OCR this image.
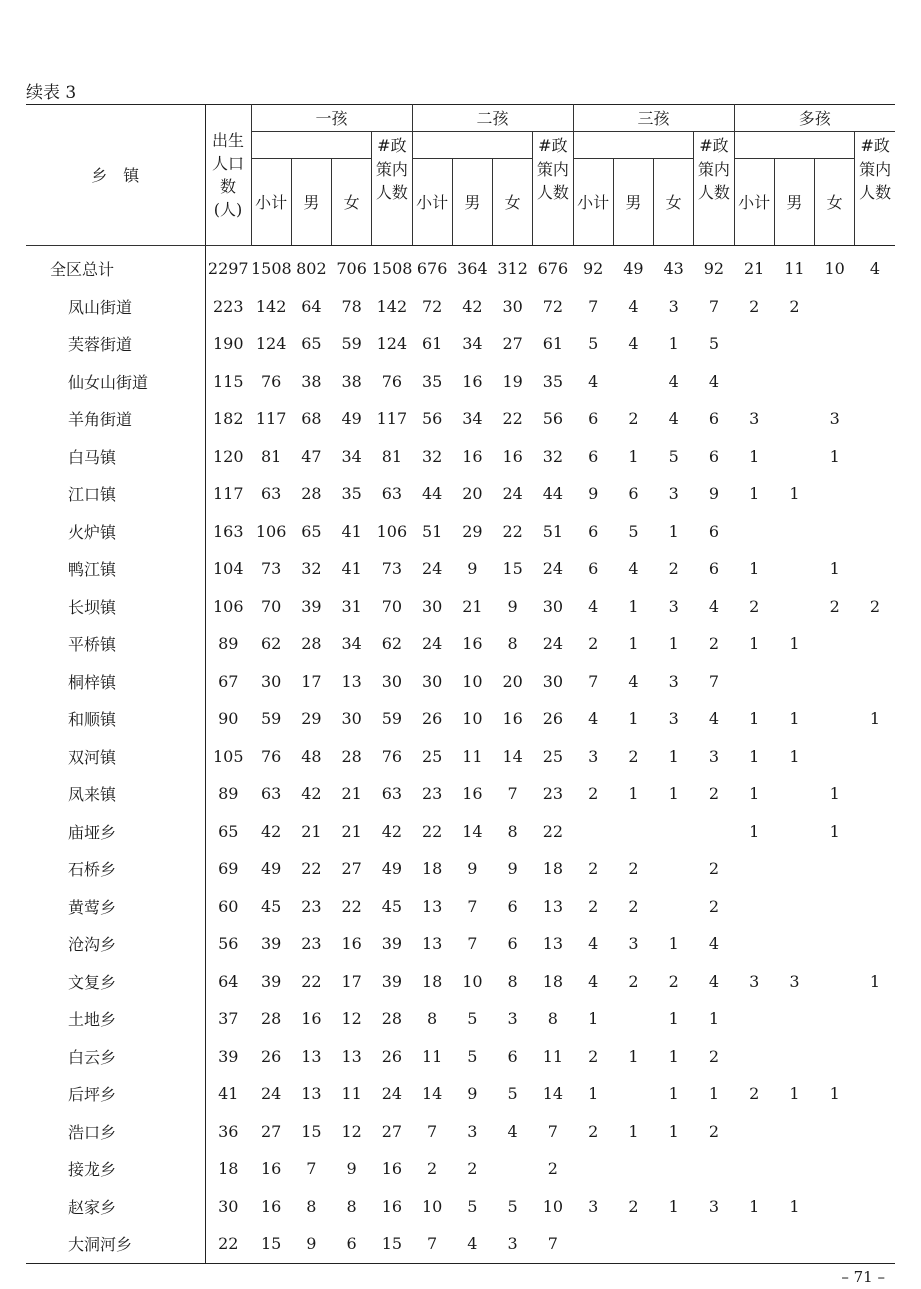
续表 3
乡　镇	出生人口数(人)	一孩				二孩				三孩				多孩			

					#政策内人数				#政策内人数				#政策内人数				#政策内人数

		小计	男	女		小计	男	女		小计	男	女		小计	男	女	
全区总计	2297	1508	802	706	1508	676	364	312	676	92	49	43	92	21	11	10	4
凤山街道	223	142	64	78	142	72	42	30	72	7	4	3	7	2	2		
芙蓉街道	190	124	65	59	124	61	34	27	61	5	4	1	5				
仙女山街道	115	76	38	38	76	35	16	19	35	4		4	4				
羊角街道	182	117	68	49	117	56	34	22	56	6	2	4	6	3		3	
白马镇	120	81	47	34	81	32	16	16	32	6	1	5	6	1		1	
江口镇	117	63	28	35	63	44	20	24	44	9	6	3	9	1	1		
火炉镇	163	106	65	41	106	51	29	22	51	6	5	1	6				
鸭江镇	104	73	32	41	73	24	9	15	24	6	4	2	6	1		1	
长坝镇	106	70	39	31	70	30	21	9	30	4	1	3	4	2		2	2
平桥镇	89	62	28	34	62	24	16	8	24	2	1	1	2	1	1		
桐梓镇	67	30	17	13	30	30	10	20	30	7	4	3	7				
和顺镇	90	59	29	30	59	26	10	16	26	4	1	3	4	1	1		1
双河镇	105	76	48	28	76	25	11	14	25	3	2	1	3	1	1		
凤来镇	89	63	42	21	63	23	16	7	23	2	1	1	2	1		1	
庙垭乡	65	42	21	21	42	22	14	8	22					1		1	
石桥乡	69	49	22	27	49	18	9	9	18	2	2		2				
黄莺乡	60	45	23	22	45	13	7	6	13	2	2		2				
沧沟乡	56	39	23	16	39	13	7	6	13	4	3	1	4				
文复乡	64	39	22	17	39	18	10	8	18	4	2	2	4	3	3		1
土地乡	37	28	16	12	28	8	5	3	8	1		1	1				
白云乡	39	26	13	13	26	11	5	6	11	2	1	1	2				
后坪乡	41	24	13	11	24	14	9	5	14	1		1	1	2	1	1	
浩口乡	36	27	15	12	27	7	3	4	7	2	1	1	2				
接龙乡	18	16	7	9	16	2	2		2								
赵家乡	30	16	8	8	16	10	5	5	10	3	2	1	3	1	1		
大洞河乡	22	15	9	6	15	7	4	3	7								
– 71 –
